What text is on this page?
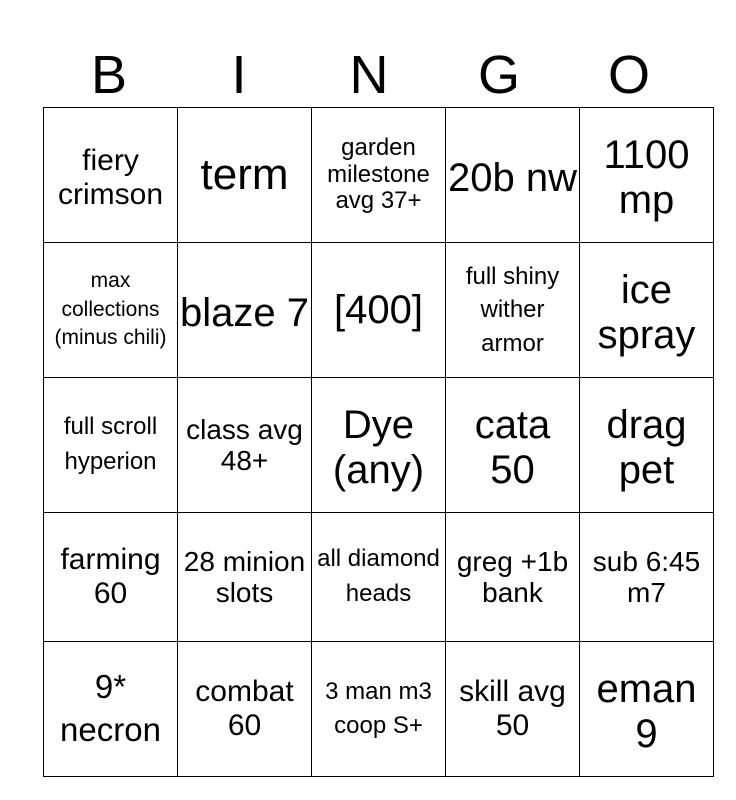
B	I	N	G	O
fiery crimson	term	garden milestone avg 37+	20b nw	1100 mp
max collections (minus chili)	blaze 7	[400]	full shiny wither armor	ice spray
full scroll hyperion	class avg 48+	Dye (any)	cata 50	drag pet
farming 60	28 minion slots	all diamond heads	greg +1b bank	sub 6:45 m7
9* necron	combat 60	3 man m3 coop S+	skill avg 50	eman 9
